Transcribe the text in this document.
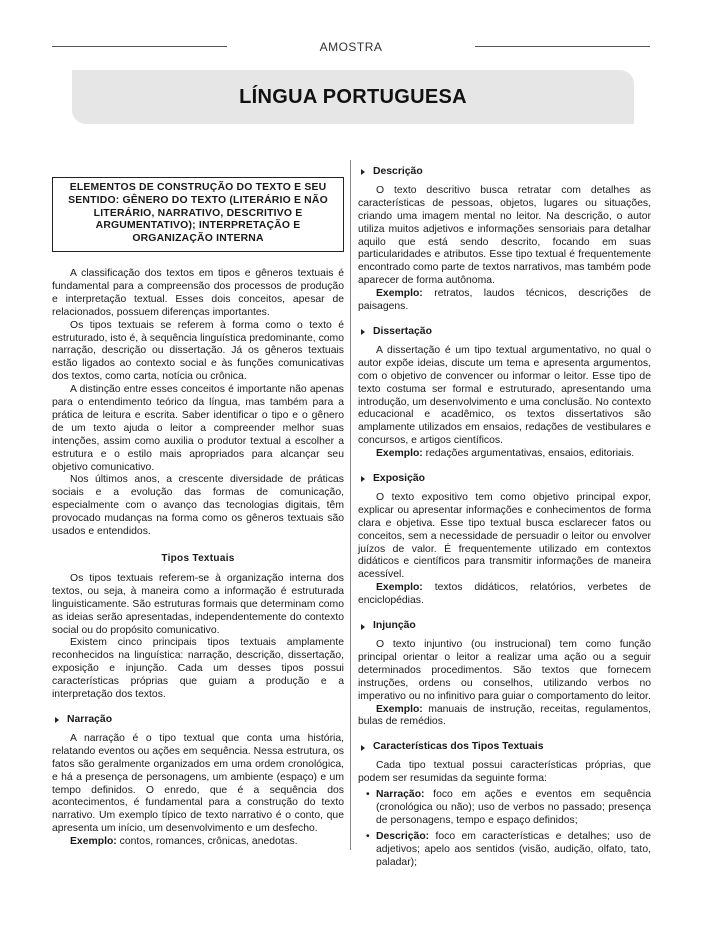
AMOSTRA
LÍNGUA PORTUGUESA
ELEMENTOS DE CONSTRUÇÃO DO TEXTO E SEU SENTIDO: GÊNERO DO TEXTO (LITERÁRIO E NÃO LITERÁRIO, NARRATIVO, DESCRITIVO E ARGUMENTATIVO); INTERPRETAÇÃO E ORGANIZAÇÃO INTERNA

A classificação dos textos em tipos e gêneros textuais é fundamental para a compreensão dos processos de produção e interpretação textual. Esses dois conceitos, apesar de relacionados, possuem diferenças importantes.

Os tipos textuais se referem à forma como o texto é estruturado, isto é, à sequência linguística predominante, como narração, descrição ou dissertação. Já os gêneros textuais estão ligados ao contexto social e às funções comunicativas dos textos, como carta, notícia ou crônica.

A distinção entre esses conceitos é importante não apenas para o entendimento teórico da língua, mas também para a prática de leitura e escrita. Saber identificar o tipo e o gênero de um texto ajuda o leitor a compreender melhor suas intenções, assim como auxilia o produtor textual a escolher a estrutura e o estilo mais apropriados para alcançar seu objetivo comunicativo.

Nos últimos anos, a crescente diversidade de práticas sociais e a evolução das formas de comunicação, especialmente com o avanço das tecnologias digitais, têm provocado mudanças na forma como os gêneros textuais são usados e entendidos.

Tipos Textuais

Os tipos textuais referem-se à organização interna dos textos, ou seja, à maneira como a informação é estruturada linguisticamente. São estruturas formais que determinam como as ideias serão apresentadas, independentemente do contexto social ou do propósito comunicativo.

Existem cinco principais tipos textuais amplamente reconhecidos na linguística: narração, descrição, dissertação, exposição e injunção. Cada um desses tipos possui características próprias que guiam a produção e a interpretação dos textos.

Narração

A narração é o tipo textual que conta uma história, relatando eventos ou ações em sequência. Nessa estrutura, os fatos são geralmente organizados em uma ordem cronológica, e há a presença de personagens, um ambiente (espaço) e um tempo definidos. O enredo, que é a sequência dos acontecimentos, é fundamental para a construção do texto narrativo. Um exemplo típico de texto narrativo é o conto, que apresenta um início, um desenvolvimento e um desfecho.

Exemplo: contos, romances, crônicas, anedotas.

Descrição

O texto descritivo busca retratar com detalhes as características de pessoas, objetos, lugares ou situações, criando uma imagem mental no leitor. Na descrição, o autor utiliza muitos adjetivos e informações sensoriais para detalhar aquilo que está sendo descrito, focando em suas particularidades e atributos. Esse tipo textual é frequentemente encontrado como parte de textos narrativos, mas também pode aparecer de forma autônoma.

Exemplo: retratos, laudos técnicos, descrições de paisagens.

Dissertação

A dissertação é um tipo textual argumentativo, no qual o autor expõe ideias, discute um tema e apresenta argumentos, com o objetivo de convencer ou informar o leitor. Esse tipo de texto costuma ser formal e estruturado, apresentando uma introdução, um desenvolvimento e uma conclusão. No contexto educacional e acadêmico, os textos dissertativos são amplamente utilizados em ensaios, redações de vestibulares e concursos, e artigos científicos.

Exemplo: redações argumentativas, ensaios, editoriais.

Exposição

O texto expositivo tem como objetivo principal expor, explicar ou apresentar informações e conhecimentos de forma clara e objetiva. Esse tipo textual busca esclarecer fatos ou conceitos, sem a necessidade de persuadir o leitor ou envolver juízos de valor. É frequentemente utilizado em contextos didáticos e científicos para transmitir informações de maneira acessível.

Exemplo: textos didáticos, relatórios, verbetes de enciclopédias.

Injunção

O texto injuntivo (ou instrucional) tem como função principal orientar o leitor a realizar uma ação ou a seguir determinados procedimentos. São textos que fornecem instruções, ordens ou conselhos, utilizando verbos no imperativo ou no infinitivo para guiar o comportamento do leitor.

Exemplo: manuais de instrução, receitas, regulamentos, bulas de remédios.

Características dos Tipos Textuais

Cada tipo textual possui características próprias, que podem ser resumidas da seguinte forma:

• Narração: foco em ações e eventos em sequência (cronológica ou não); uso de verbos no passado; presença de personagens, tempo e espaço definidos;

• Descrição: foco em características e detalhes; uso de adjetivos; apelo aos sentidos (visão, audição, olfato, tato, paladar);
